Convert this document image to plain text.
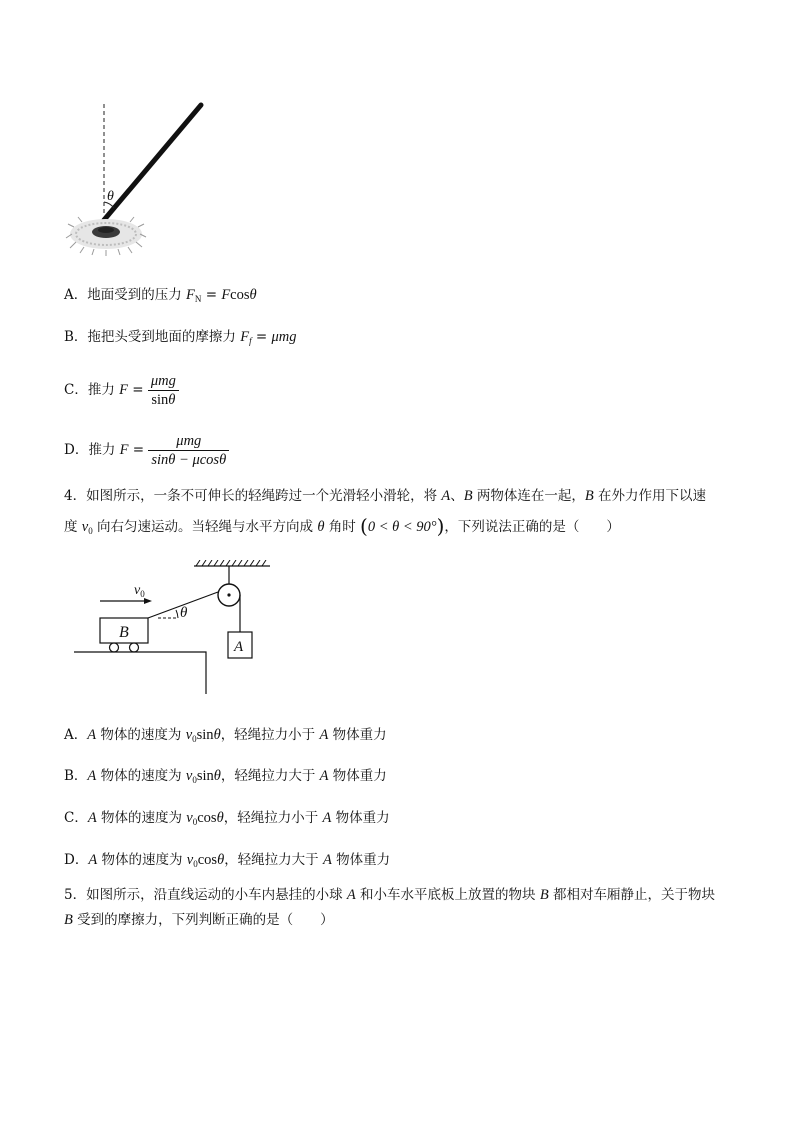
θ
A．地面受到的压力 $F_N = Fcos\theta$
B．拖把头受到地面的摩擦力 $F_f = \mu mg$
C．推力 $F = \frac{\text{μmg}}{\sin\theta}$
D．推力 $F = \frac{\text{μmg}}{\sin\theta - \mu\cos\theta}$
4．如图所示，一条不可伸长的轻绳跨过一个光滑轻小滑轮，将 A、B 两物体连在一起，B 在外力作用下以速
度 $v_0$ 向右匀速运动。当轻绳与水平方向成 θ 角时 (0 < θ < 90°)，下列说法正确的是（　　）
$v_0$
θ
B
A
A．A 物体的速度为 $v_0\sin\theta$，轻绳拉力小于 A 物体重力
B．A 物体的速度为 $v_0\sin\theta$，轻绳拉力大于 A 物体重力
C．A 物体的速度为 $v_0\cos\theta$，轻绳拉力小于 A 物体重力
D．A 物体的速度为 $v_0\cos\theta$，轻绳拉力大于 A 物体重力
5．如图所示，沿直线运动的小车内悬挂的小球 A 和小车水平底板上放置的物块 B 都相对车厢静止，关于物块
B 受到的摩擦力，下列判断正确的是（　　）
